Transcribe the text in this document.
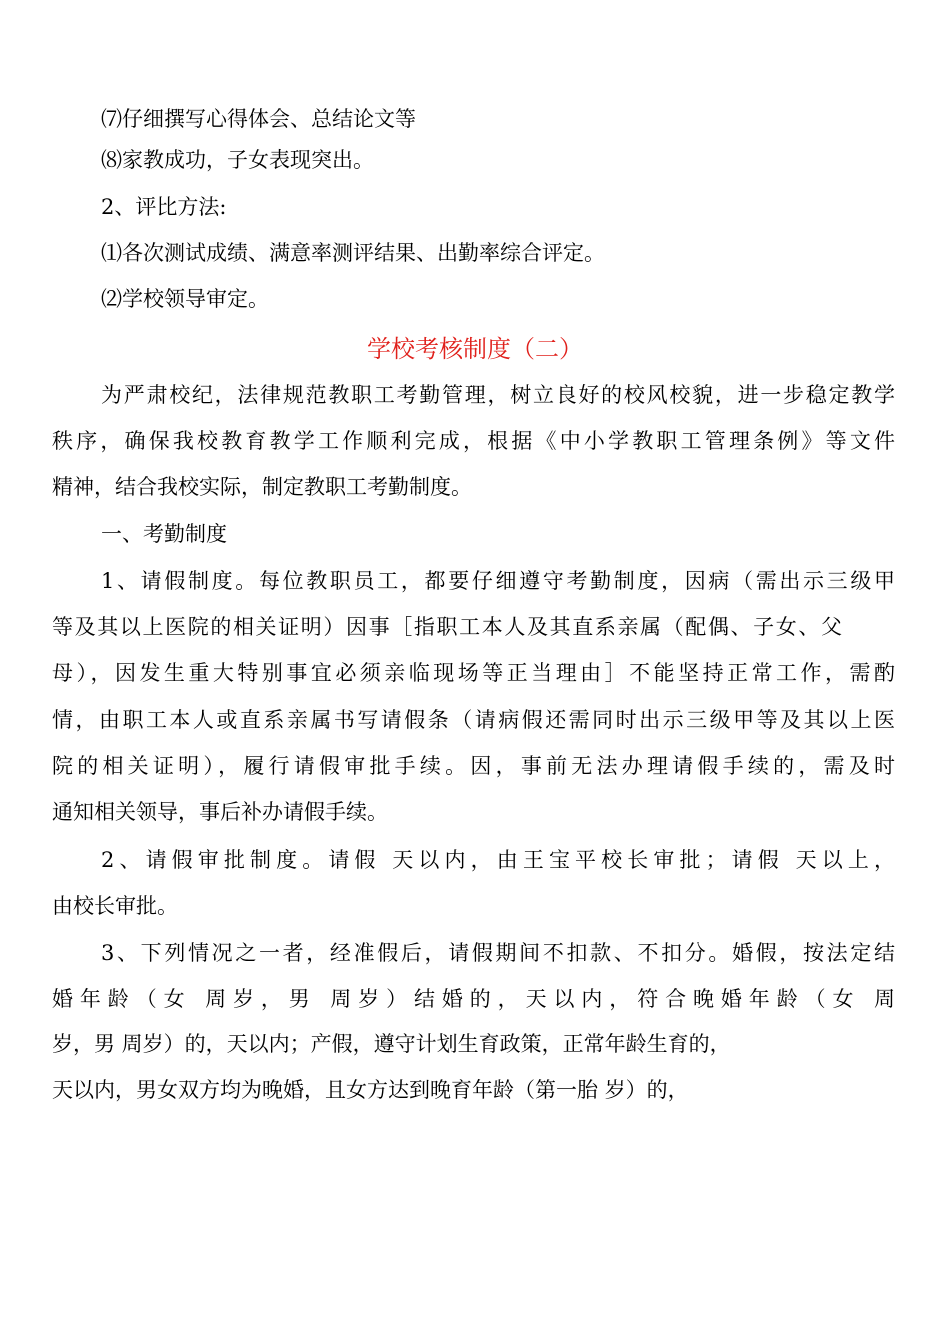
⑺仔细撰写心得体会、总结论文等
⑻家教成功，子女表现突出。
2、评比方法:
⑴各次测试成绩、满意率测评结果、出勤率综合评定。
⑵学校领导审定。
学校考核制度（二）
为严肃校纪，法律规范教职工考勤管理，树立良好的校风校貌，进一步稳定教学
秩序，确保我校教育教学工作顺利完成，根据《中小学教职工管理条例》等文件
精神，结合我校实际，制定教职工考勤制度。
一、考勤制度
1、请假制度。每位教职员工，都要仔细遵守考勤制度，因病（需出示三级甲
等及其以上医院的相关证明）因事［指职工本人及其直系亲属（配偶、子女、父
母），因发生重大特别事宜必须亲临现场等正当理由］不能坚持正常工作，需酌
情，由职工本人或直系亲属书写请假条（请病假还需同时出示三级甲等及其以上医
院的相关证明），履行请假审批手续。因，事前无法办理请假手续的，需及时
通知相关领导，事后补办请假手续。
2、请假审批制度。请假 天以内，由王宝平校长审批；请假 天以上，
由校长审批。
3、下列情况之一者，经准假后，请假期间不扣款、不扣分。婚假，按法定结
婚年龄（女 周岁，男 周岁）结婚的，天以内，符合晚婚年龄（女 周
岁，男 周岁）的，天以内；产假，遵守计划生育政策，正常年龄生育的，
天以内，男女双方均为晚婚，且女方达到晚育年龄（第一胎 岁）的，
